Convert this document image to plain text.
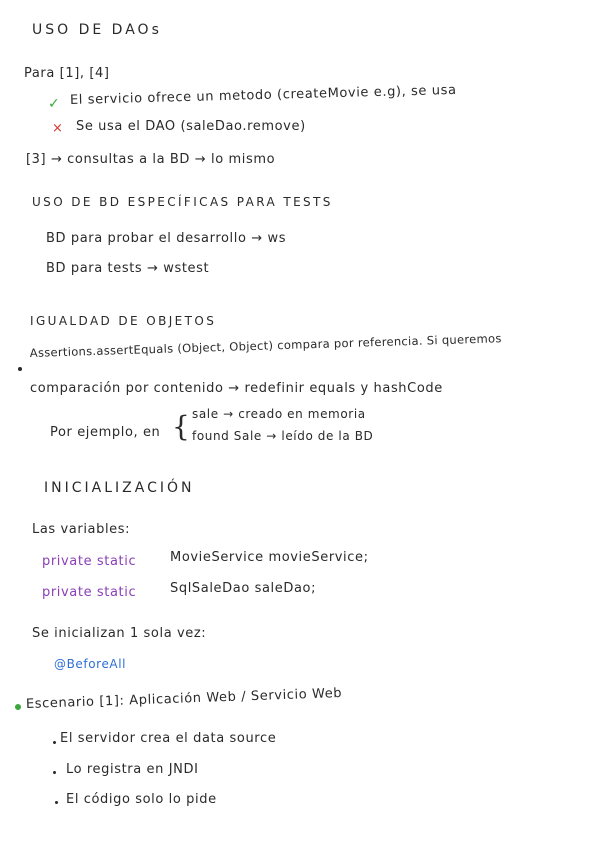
USO DE DAOs
Para [1], [4]
✓ El servicio ofrece un metodo (createMovie e.g), se usa
× Se usa el DAO (saleDao.remove)
[3] → consultas a la BD → lo mismo
USO DE BD ESPECÍFICAS PARA TESTS
BD para probar el desarrollo → ws
BD para tests → wstest
IGUALDAD DE OBJETOS
Assertions.assertEquals (Object, Object) compara por referencia. Si queremos
comparación por contenido → redefinir equals y hashCode
Por ejemplo, en { sale → creado en memoria
found Sale → leído de la BD
INICIALIZACIÓN
Las variables:
private static	MovieService movieService;
private static	SqlSaleDao saleDao;
Se inicializan 1 sola vez:
@BeforeAll
Escenario [1]: Aplicación Web / Servicio Web
El servidor crea el data source
Lo registra en JNDI
El código solo lo pide
